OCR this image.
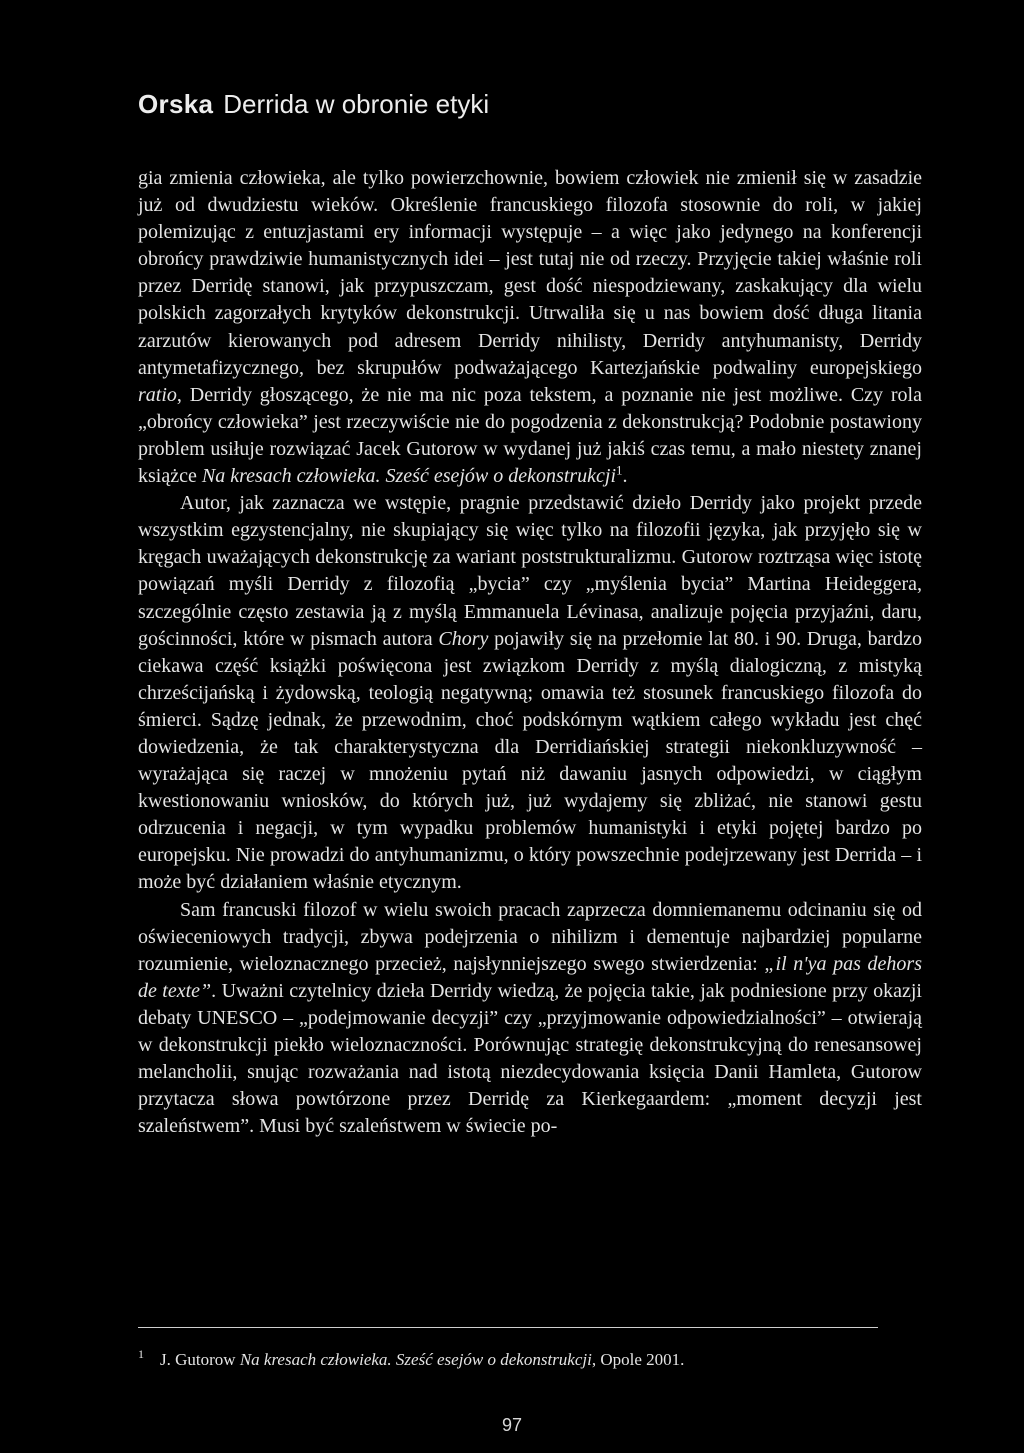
Orska Derrida w obronie etyki

gia zmienia człowieka, ale tylko powierzchownie, bowiem człowiek nie zmienił się w zasadzie już od dwudziestu wieków. Określenie francuskiego filozofa stosownie do roli, w jakiej polemizując z entuzjastami ery informacji występuje – a więc jako jedynego na konferencji obrońcy prawdziwie humanistycznych idei – jest tutaj nie od rzeczy. Przyjęcie takiej właśnie roli przez Derridę stanowi, jak przypuszczam, gest dość niespodziewany, zaskakujący dla wielu polskich zagorzałych krytyków dekonstrukcji. Utrwaliła się u nas bowiem dość długa litania zarzutów kierowanych pod adresem Derridy nihilisty, Derridy antyhumanisty, Derridy antymetafizycznego, bez skrupułów podważającego Kartezjańskie podwaliny europejskiego ratio, Derridy głoszącego, że nie ma nic poza tekstem, a poznanie nie jest możliwe. Czy rola „obrońcy człowieka” jest rzeczywiście nie do pogodzenia z dekonstrukcją? Podobnie postawiony problem usiłuje rozwiązać Jacek Gutorow w wydanej już jakiś czas temu, a mało niestety znanej książce Na kresach człowieka. Sześć esejów o dekonstrukcji$^1$.

Autor, jak zaznacza we wstępie, pragnie przedstawić dzieło Derridy jako projekt przede wszystkim egzystencjalny, nie skupiający się więc tylko na filozofii języka, jak przyjęło się w kręgach uważających dekonstrukcję za wariant poststrukturalizmu. Gutorow roztrząsa więc istotę powiązań myśli Derridy z filozofią „bycia” czy „myślenia bycia” Martina Heideggera, szczególnie często zestawia ją z myślą Emmanuela Lévinasa, analizuje pojęcia przyjaźni, daru, gościnności, które w pismach autora Chory pojawiły się na przełomie lat 80. i 90. Druga, bardzo ciekawa część książki poświęcona jest związkom Derridy z myślą dialogiczną, z mistyką chrześcijańską i żydowską, teologią negatywną; omawia też stosunek francuskiego filozofa do śmierci. Sądzę jednak, że przewodnim, choć podskórnym wątkiem całego wykładu jest chęć dowiedzenia, że tak charakterystyczna dla Derridiańskiej strategii niekonkluzywność – wyrażająca się raczej w mnożeniu pytań niż dawaniu jasnych odpowiedzi, w ciągłym kwestionowaniu wniosków, do których już, już wydajemy się zbliżać, nie stanowi gestu odrzucenia i negacji, w tym wypadku problemów humanistyki i etyki pojętej bardzo po europejsku. Nie prowadzi do antyhumanizmu, o który powszechnie podejrzewany jest Derrida – i może być działaniem właśnie etycznym.

Sam francuski filozof w wielu swoich pracach zaprzecza domniemanemu odcinaniu się od oświeceniowych tradycji, zbywa podejrzenia o nihilizm i dementuje najbardziej popularne rozumienie, wieloznacznego przecież, najsłynniejszego swego stwierdzenia: „il n'ya pas dehors de texte”. Uważni czytelnicy dzieła Derridy wiedzą, że pojęcia takie, jak podniesione przy okazji debaty UNESCO – „podejmowanie decyzji” czy „przyjmowanie odpowiedzialności” – otwierają w dekonstrukcji piekło wieloznaczności. Porównując strategię dekonstrukcyjną do renesansowej melancholii, snując rozważania nad istotą niezdecydowania księcia Danii Hamleta, Gutorow przytacza słowa powtórzone przez Derridę za Kierkegaardem: „moment decyzji jest szaleństwem”. Musi być szaleństwem w świecie po-

$^1$ J. Gutorow Na kresach człowieka. Sześć esejów o dekonstrukcji, Opole 2001.
97
